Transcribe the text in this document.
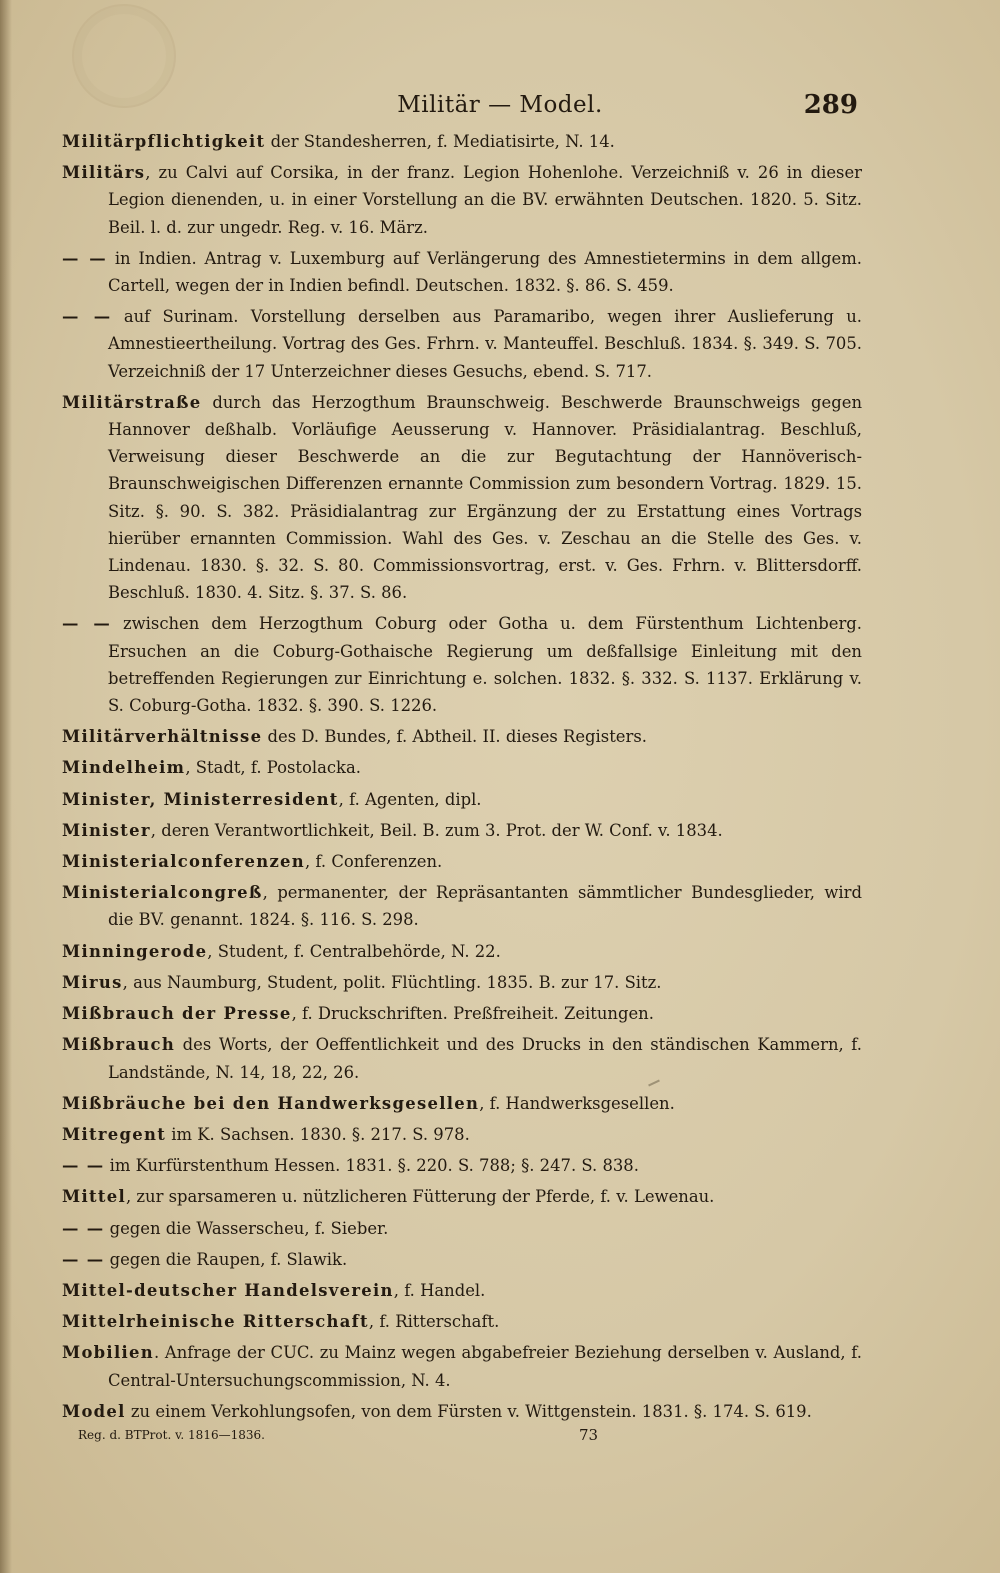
Militär — Model.	289

Militärpflichtigkeit der Standesherren, f. Mediatisirte, N. 14.

Militärs, zu Calvi auf Corsika, in der franz. Legion Hohenlohe. Verzeichniß v. 26 in dieser Legion dienenden, u. in einer Vorstellung an die BV. erwähnten Deutschen. 1820. 5. Sitz. Beil. l. d. zur ungedr. Reg. v. 16. März.

— — in Indien. Antrag v. Luxemburg auf Verlängerung des Amnestietermins in dem allgem. Cartell, wegen der in Indien befindl. Deutschen. 1832. §. 86. S. 459.

— — auf Surinam. Vorstellung derselben aus Paramaribo, wegen ihrer Auslieferung u. Amnestieertheilung. Vortrag des Ges. Frhrn. v. Manteuffel. Beschluß. 1834. §. 349. S. 705. Verzeichniß der 17 Unterzeichner dieses Gesuchs, ebend. S. 717.

Militärstraße durch das Herzogthum Braunschweig. Beschwerde Braunschweigs gegen Hannover deßhalb. Vorläufige Aeusserung v. Hannover. Präsidialantrag. Beschluß, Verweisung dieser Beschwerde an die zur Begutachtung der Hannöverisch-Braunschweigischen Differenzen ernannte Commission zum besondern Vortrag. 1829. 15. Sitz. §. 90. S. 382. Präsidialantrag zur Ergänzung der zu Erstattung eines Vortrags hierüber ernannten Commission. Wahl des Ges. v. Zeschau an die Stelle des Ges. v. Lindenau. 1830. §. 32. S. 80. Commissionsvortrag, erst. v. Ges. Frhrn. v. Blittersdorff. Beschluß. 1830. 4. Sitz. §. 37. S. 86.

— — zwischen dem Herzogthum Coburg oder Gotha u. dem Fürstenthum Lichtenberg. Ersuchen an die Coburg-Gothaische Regierung um deßfallsige Einleitung mit den betreffenden Regierungen zur Einrichtung e. solchen. 1832. §. 332. S. 1137. Erklärung v. S. Coburg-Gotha. 1832. §. 390. S. 1226.

Militärverhältnisse des D. Bundes, f. Abtheil. II. dieses Registers.

Mindelheim, Stadt, f. Postolacka.

Minister, Ministerresident, f. Agenten, dipl.

Minister, deren Verantwortlichkeit, Beil. B. zum 3. Prot. der W. Conf. v. 1834.

Ministerialconferenzen, f. Conferenzen.

Ministerialcongreß, permanenter, der Repräsantanten sämmtlicher Bundesglieder, wird die BV. genannt. 1824. §. 116. S. 298.

Minningerode, Student, f. Centralbehörde, N. 22.

Mirus, aus Naumburg, Student, polit. Flüchtling. 1835. B. zur 17. Sitz.

Mißbrauch der Presse, f. Druckschriften. Preßfreiheit. Zeitungen.

Mißbrauch des Worts, der Oeffentlichkeit und des Drucks in den ständischen Kammern, f. Landstände, N. 14, 18, 22, 26.

Mißbräuche bei den Handwerksgesellen, f. Handwerksgesellen.

Mitregent im K. Sachsen. 1830. §. 217. S. 978.

— — im Kurfürstenthum Hessen. 1831. §. 220. S. 788; §. 247. S. 838.

Mittel, zur sparsameren u. nützlicheren Fütterung der Pferde, f. v. Lewenau.

— — gegen die Wasserscheu, f. Sieber.

— — gegen die Raupen, f. Slawik.

Mittel-deutscher Handelsverein, f. Handel.

Mittelrheinische Ritterschaft, f. Ritterschaft.

Mobilien. Anfrage der CUC. zu Mainz wegen abgabefreier Beziehung derselben v. Ausland, f. Central-Untersuchungscommission, N. 4.

Model zu einem Verkohlungsofen, von dem Fürsten v. Wittgenstein. 1831. §. 174. S. 619.

Reg. d. BTProt. v. 1816—1836.	73
